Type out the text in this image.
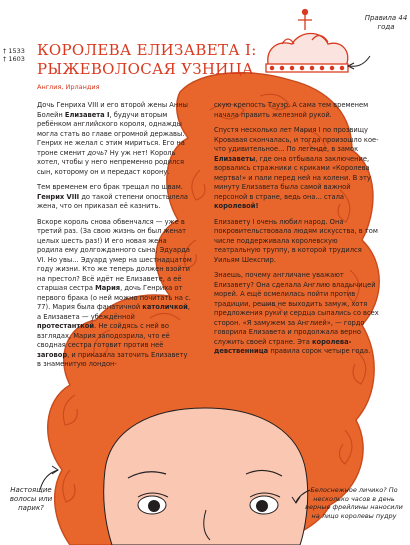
† 1533
† 1603 КОРОЛЕВА ЕЛИЗАВЕТА I:
РЫЖЕВОЛОСАЯ УЗНИЦА
Англия, Ирландия
Правила 44 года

Дочь Генриха VIII и его второй жены Анны Болейн Елизавета I, будучи вторым ребёнком английского короля, однажды могла стать во главе огромной державы. Генрих не желал с этим мириться. Его на троне сменит дочь? Ну уж нет! Король хотел, чтобы у него непременно родился сын, которому он и передаст корону.

Тем временем его брак трещал по швам. Генрих VIII до такой степени опостылела жена, что он приказал её казнить.

Вскоре король снова обвенчался — уже в третий раз. (За свою жизнь он был женат целых шесть раз!) И его новая жена родила ему долгожданного сына, Эдуарда VI. Но увы... Эдуард умер на шестнадцатом году жизни. Кто же теперь должен взойти на престол? Всё идёт не Елизавете, а её старшая сестра Мария, дочь Генриха от первого брака (о ней можно почитать на с. 77). Мария была фанатичной католичкой, а Елизавета — убеждённой протестанткой. Не сойдясь с ней во взглядах, Мария заподозрила, что её сводная сестра готовит против неё заговор, и приказала заточить Елизавету в знаменитую лондон-

скую крепость Тауэр. А сама тем временем начала править железной рукой.

Спустя несколько лет Мария I по прозвищу Кровавая скончалась, и тогда произошло кое-что удивительное... По легенде, в замок Елизаветы, где она отбывала заключение, ворвались стражники с криками «Королева мертва!» и пали перед ней на колени. В эту минуту Елизавета была самой важной персоной в стране, ведь она... стала королевой!

Елизавету I очень любил народ. Она покровительствовала людям искусства, в том числе поддерживала королевскую театральную труппу, в которой трудился Уильям Шекспир.

Знаешь, почему англичане уважают Елизавету? Она сделала Англию владычицей морей. А ещё осмелилась пойти против традиции, решив не выходить замуж, хотя предложения руки и сердца сыпались со всех сторон. «Я замужем за Англией», — гордо говорила Елизавета и продолжала верно служить своей стране. Эта королева-девственница правила сорок четыре года.

Настоящие волосы или парик?
Белоснежное личико? По несколько часов в день верные фрейлины наносили на лицо королевы пудру
